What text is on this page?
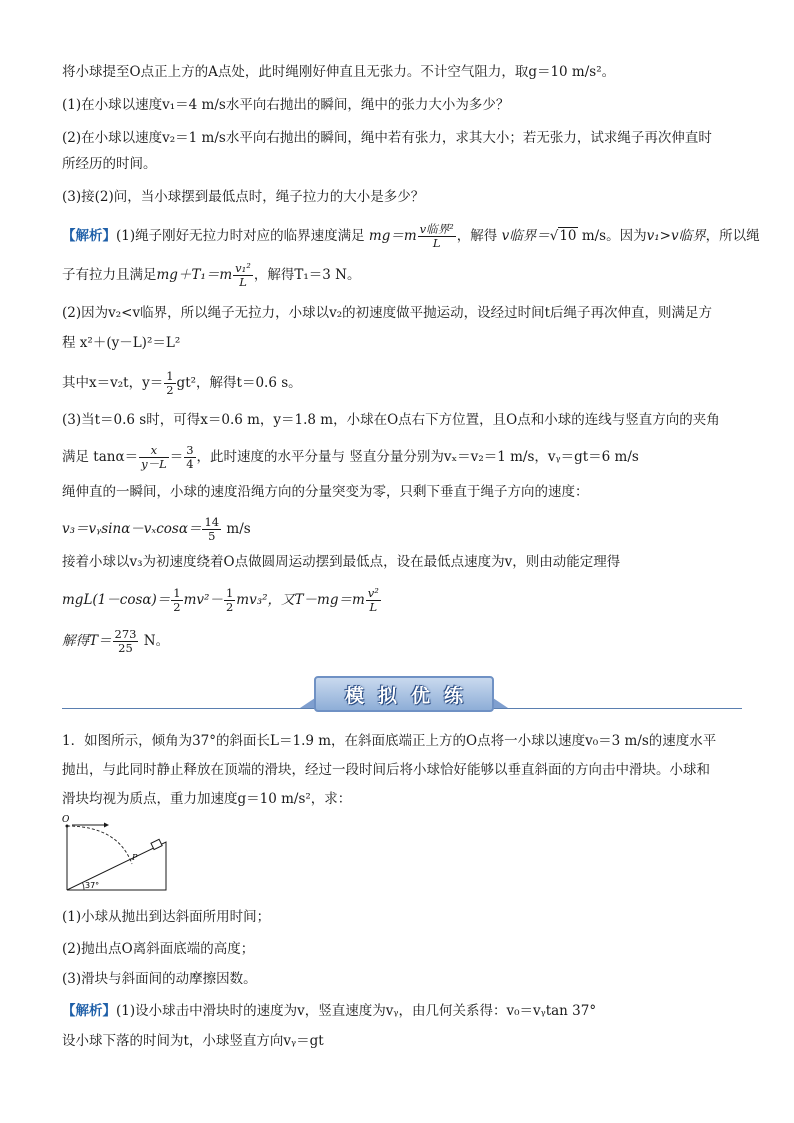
将小球提至O点正上方的A点处，此时绳刚好伸直且无张力。不计空气阻力，取g＝10 m/s²。
(1)在小球以速度v₁＝4 m/s水平向右抛出的瞬间，绳中的张力大小为多少？
(2)在小球以速度v₂＝1 m/s水平向右抛出的瞬间，绳中若有张力，求其大小；若无张力，试求绳子再次伸直时
所经历的时间。
(3)接(2)问，当小球摆到最低点时，绳子拉力的大小是多少？
【解析】(1)绳子刚好无拉力时对应的临界速度满足 $mg=m \frac{\text{v临界²}}{L}$ ，解得 v临界＝√10 m/s。因为v₁>v临界，所以绳
子有拉力且满足$mg+T_1=m \frac{\text{v₁²}}{L}$ ，解得T₁＝3 N。
(2)因为v₂<v临界，所以绳子无拉力，小球以v₂的初速度做平抛运动，设经过时间t后绳子再次伸直，则满足方
程 x²＋(y－L)²＝L²
其中x＝v₂t，$y= \frac{1}{2} gt^2$，解得t＝0.6 s。
(3)当t＝0.6 s时，可得x＝0.6 m，y＝1.8 m，小球在O点右下方位置，且O点和小球的连线与竖直方向的夹角
满足 $\tan\alpha= \frac{x}{y-L} = \frac{3}{4}$ ，此时速度的水平分量与 竖直分量分别为vₓ＝v₂＝1 m/s，vᵧ＝gt＝6 m/s
绳伸直的一瞬间，小球的速度沿绳方向的分量突变为零，只剩下垂直于绳子方向的速度：
v₃＝vᵧsinα－vₓcosα＝ $\frac{14}{5} m/s$
接着小球以v₃为初速度绕着O点做圆周运动摆到最低点，设在最低点速度为v，则由动能定理得
$mgL(1-\cos\alpha)= \frac{1}{2} mv^2- \frac{1}{2} mv_3^2$，又$T-mg=m \frac{\text{v²}}{L}$
解得$T= \frac{273}{25}$ N。
模 拟 优 练
1．如图所示，倾角为37°的斜面长L＝1.9 m，在斜面底端正上方的O点将一小球以速度v₀＝3 m/s的速度水平
抛出，与此同时静止释放在顶端的滑块，经过一段时间后将小球恰好能够以垂直斜面的方向击中滑块。小球和
滑块均视为质点，重力加速度g＝10 m/s²，求：
O
P
37°
(1)小球从抛出到达斜面所用时间；
(2)抛出点O离斜面底端的高度；
(3)滑块与斜面间的动摩擦因数。
【解析】(1)设小球击中滑块时的速度为v，竖直速度为vᵧ，由几何关系得：v₀＝vᵧtan 37°
设小球下落的时间为t，小球竖直方向vᵧ＝gt
